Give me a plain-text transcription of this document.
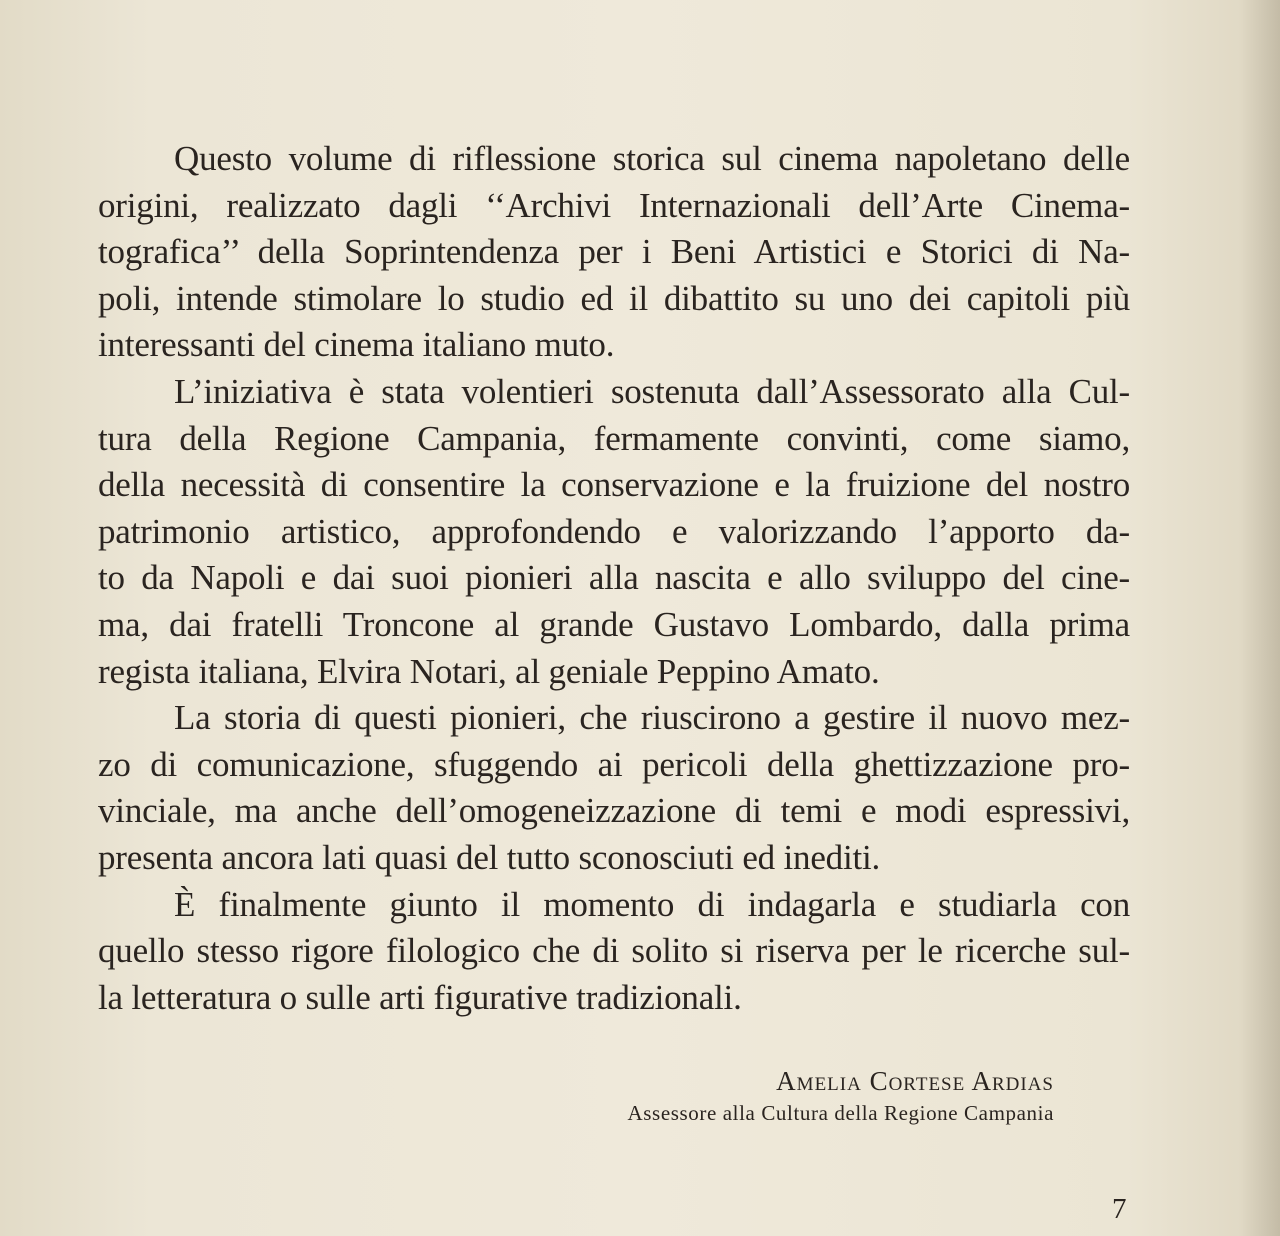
Questo volume di riflessione storica sul cinema napoletano delle
origini, realizzato dagli ‘‘Archivi Internazionali dell’Arte Cinema-
tografica’’ della Soprintendenza per i Beni Artistici e Storici di Na-
poli, intende stimolare lo studio ed il dibattito su uno dei capitoli più
interessanti del cinema italiano muto.
L’iniziativa è stata volentieri sostenuta dall’Assessorato alla Cul-
tura della Regione Campania, fermamente convinti, come siamo,
della necessità di consentire la conservazione e la fruizione del nostro
patrimonio artistico, approfondendo e valorizzando l’apporto da-
to da Napoli e dai suoi pionieri alla nascita e allo sviluppo del cine-
ma, dai fratelli Troncone al grande Gustavo Lombardo, dalla prima
regista italiana, Elvira Notari, al geniale Peppino Amato.
La storia di questi pionieri, che riuscirono a gestire il nuovo mez-
zo di comunicazione, sfuggendo ai pericoli della ghettizzazione pro-
vinciale, ma anche dell’omogeneizzazione di temi e modi espressivi,
presenta ancora lati quasi del tutto sconosciuti ed inediti.
È finalmente giunto il momento di indagarla e studiarla con
quello stesso rigore filologico che di solito si riserva per le ricerche sul-
la letteratura o sulle arti figurative tradizionali.
Amelia Cortese Ardias
Assessore alla Cultura della Regione Campania
7
